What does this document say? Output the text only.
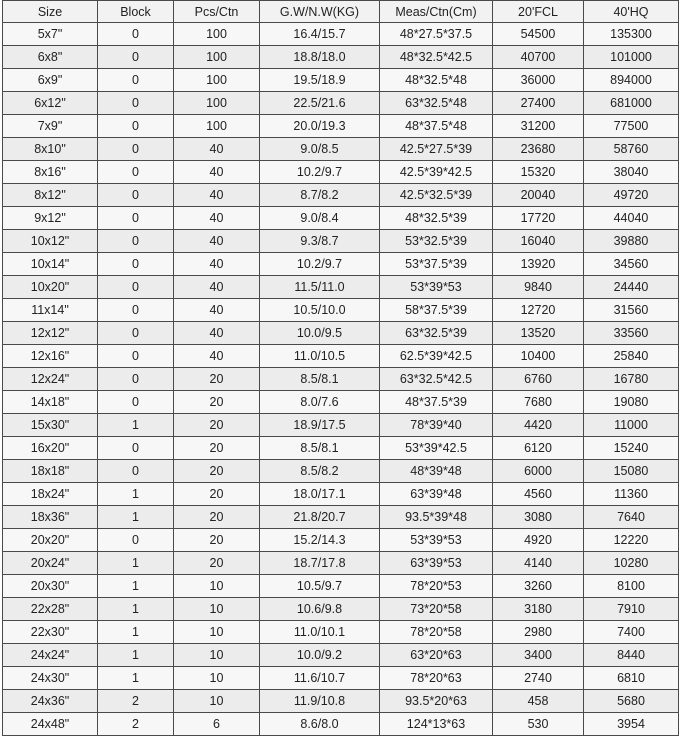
Size	Block	Pcs/Ctn	G.W/N.W(KG)	Meas/Ctn(Cm)	20'FCL	40'HQ
5x7"	0	100	16.4/15.7	48*27.5*37.5	54500	135300
6x8"	0	100	18.8/18.0	48*32.5*42.5	40700	101000
6x9"	0	100	19.5/18.9	48*32.5*48	36000	894000
6x12"	0	100	22.5/21.6	63*32.5*48	27400	681000
7x9"	0	100	20.0/19.3	48*37.5*48	31200	77500
8x10"	0	40	9.0/8.5	42.5*27.5*39	23680	58760
8x16"	0	40	10.2/9.7	42.5*39*42.5	15320	38040
8x12"	0	40	8.7/8.2	42.5*32.5*39	20040	49720
9x12"	0	40	9.0/8.4	48*32.5*39	17720	44040
10x12"	0	40	9.3/8.7	53*32.5*39	16040	39880
10x14"	0	40	10.2/9.7	53*37.5*39	13920	34560
10x20"	0	40	11.5/11.0	53*39*53	9840	24440
11x14"	0	40	10.5/10.0	58*37.5*39	12720	31560
12x12"	0	40	10.0/9.5	63*32.5*39	13520	33560
12x16"	0	40	11.0/10.5	62.5*39*42.5	10400	25840
12x24"	0	20	8.5/8.1	63*32.5*42.5	6760	16780
14x18"	0	20	8.0/7.6	48*37.5*39	7680	19080
15x30"	1	20	18.9/17.5	78*39*40	4420	11000
16x20"	0	20	8.5/8.1	53*39*42.5	6120	15240
18x18"	0	20	8.5/8.2	48*39*48	6000	15080
18x24"	1	20	18.0/17.1	63*39*48	4560	11360
18x36"	1	20	21.8/20.7	93.5*39*48	3080	7640
20x20"	0	20	15.2/14.3	53*39*53	4920	12220
20x24"	1	20	18.7/17.8	63*39*53	4140	10280
20x30"	1	10	10.5/9.7	78*20*53	3260	8100
22x28"	1	10	10.6/9.8	73*20*58	3180	7910
22x30"	1	10	11.0/10.1	78*20*58	2980	7400
24x24"	1	10	10.0/9.2	63*20*63	3400	8440
24x30"	1	10	11.6/10.7	78*20*63	2740	6810
24x36"	2	10	11.9/10.8	93.5*20*63	458	5680
24x48"	2	6	8.6/8.0	124*13*63	530	3954
